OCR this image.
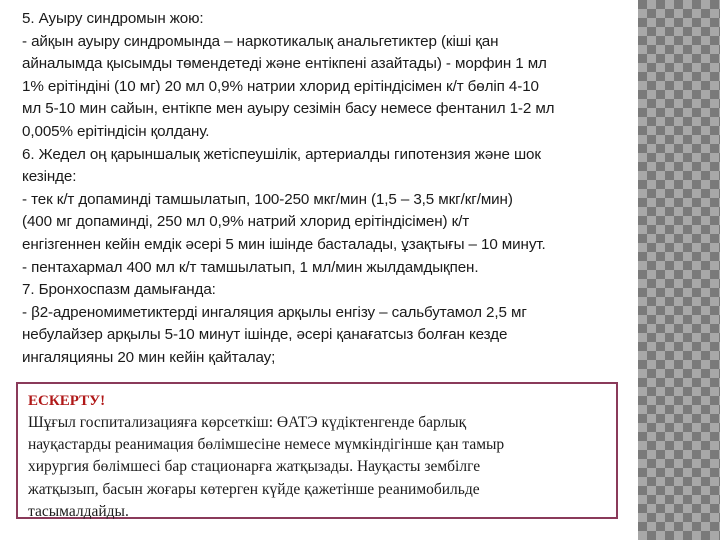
5. Ауыру синдромын жою:
- айқын ауыру синдромында – наркотикалық анальгетиктер (кіші қан
айналымда қысымды төмендетеді және ентікпені азайтады) - морфин 1 мл
1% ерітіндіні (10 мг) 20 мл 0,9% натрии хлорид ерітіндісімен к/т бөліп 4-10
мл 5-10 мин сайын, ентікпе мен ауыру сезімін басу немесе фентанил 1-2 мл
0,005% ерітіндісін қолдану.
6. Жедел оң қарыншалық жетіспеушілік, артериалды гипотензия және шок
кезінде:
- тек к/т допаминді тамшылатып, 100-250 мкг/мин (1,5 – 3,5 мкг/кг/мин)
(400 мг допаминді, 250 мл 0,9% натрий хлорид ерітіндісімен) к/т
енгізгеннен кейін емдік әсері 5 мин ішінде басталады, ұзақтығы – 10 минут.
- пентахармал 400 мл к/т тамшылатып, 1 мл/мин жылдамдықпен.
7. Бронхоспазм дамығанда:
- β2-адреномиметиктерді ингаляция арқылы енгізу – сальбутамол 2,5 мг
небулайзер арқылы 5-10 минут ішінде, әсері қанағатсыз болған кезде
ингаляцияны 20 мин кейін қайталау;
ЕСКЕРТУ!
Шұғыл госпитализацияға көрсеткіш: ӨАТЭ күдіктенгенде барлық
науқастарды реанимация бөлімшесіне немесе мүмкіндігінше қан тамыр
хирургия бөлімшесі бар стационарға жатқызады. Науқасты зембілге
жатқызып, басын жоғары көтерген күйде қажетінше реанимобильде
тасымалдайды.
